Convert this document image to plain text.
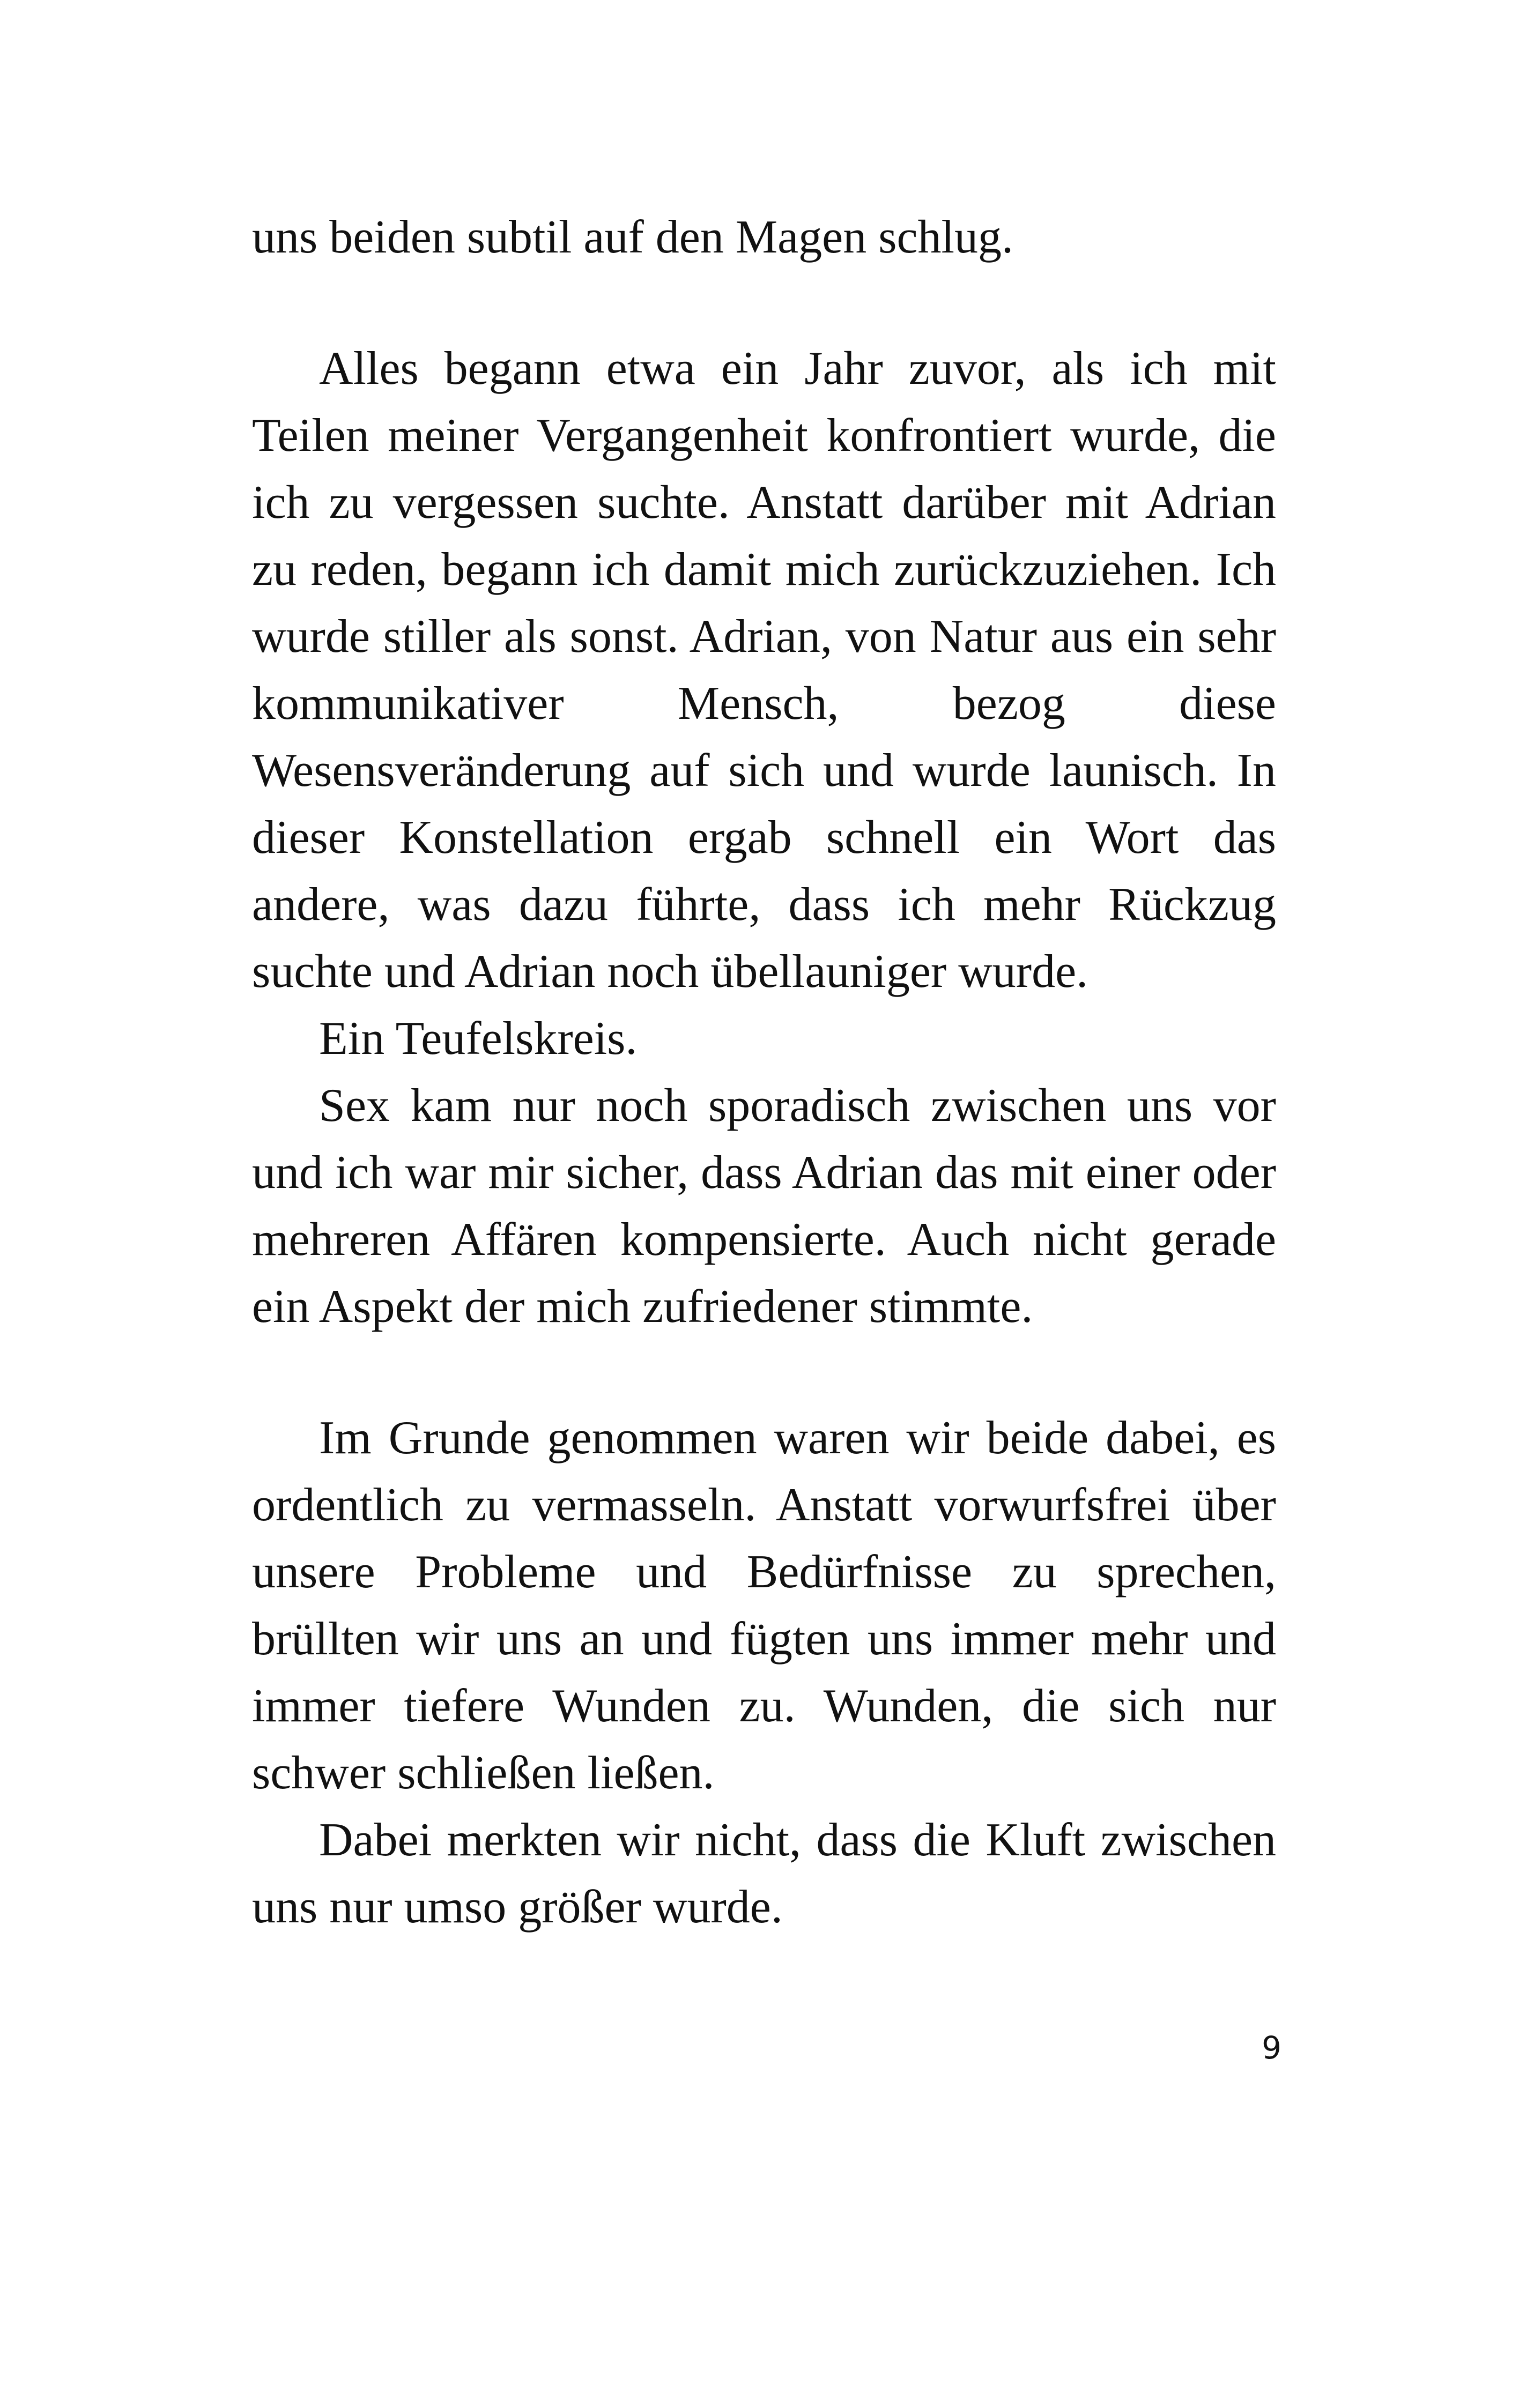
uns beiden subtil auf den Magen schlug.

Alles begann etwa ein Jahr zuvor, als ich mit Teilen meiner Vergangenheit konfrontiert wurde, die ich zu vergessen suchte. Anstatt darüber mit Adrian zu reden, begann ich damit mich zurückzuziehen. Ich wurde stiller als sonst. Adrian, von Natur aus ein sehr kommunikativer Mensch, bezog diese Wesensveränderung auf sich und wurde launisch. In dieser Konstellation ergab schnell ein Wort das andere, was dazu führte, dass ich mehr Rückzug suchte und Adrian noch übellauniger wurde.

Ein Teufelskreis.

Sex kam nur noch sporadisch zwischen uns vor und ich war mir sicher, dass Adrian das mit einer oder mehreren Affären kompensierte. Auch nicht gerade ein Aspekt der mich zufriedener stimmte.

Im Grunde genommen waren wir beide dabei, es ordentlich zu vermasseln. Anstatt vorwurfsfrei über unsere Probleme und Bedürfnisse zu sprechen, brüllten wir uns an und fügten uns immer mehr und immer tiefere Wunden zu. Wunden, die sich nur schwer schließen ließen.

Dabei merkten wir nicht, dass die Kluft zwischen uns nur umso größer wurde.

9
